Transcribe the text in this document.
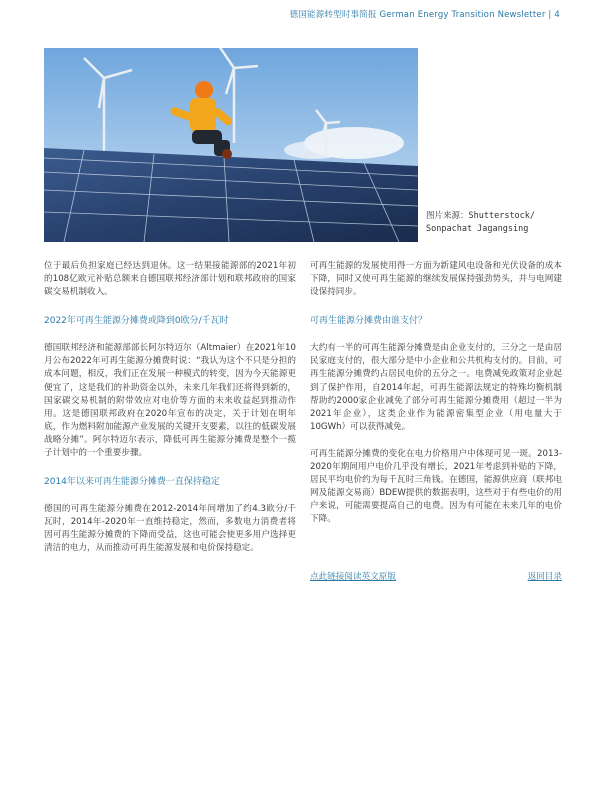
德国能源转型时事简报 German Energy Transition Newsletter | 4
图片来源：Shutterstock/
Sonpachat Jagangsing

位于最后负担家庭已经达到退休。这一结果接能源部的2021年初的108亿欧元补贴总额来自德国联邦经济部计划和联邦政府的国家碳交易机制收入。

2022年可再生能源分摊费或降到0欧分/千瓦时

德国联邦经济和能源部部长阿尔特迈尔（Altmaier）在2021年10月公布2022年可再生能源分摊费时说：“我认为这个不只是分担的成本问题，相反，我们正在发展一种模式的转变，因为今天能源更便宜了，这是我们的补助资金以外，未来几年我们还将得到新的，国家碳交易机制的附带效应对电价等方面的未来收益起到推动作用。这是德国联邦政府在2020年宣布的决定，关于计划在明年底，作为燃料附加能源产业发展的关键开支要素，以往的低碳发展战略分摊”。阿尔特迈尔表示，降低可再生能源分摊费是整个一揽子计划中的一个重要步骤。

2014年以来可再生能源分摊费一直保持稳定

德国的可再生能源分摊费在2012-2014年间增加了约4.3欧分/千瓦时，2014年-2020年一直维持稳定，然而，多数电力消费者将因可再生能源分摊费的下降而受益，这也可能会使更多用户选择更清洁的电力，从而推动可再生能源发展和电价保持稳定。

可再生能源的发展使用得一方面为新建风电设备和光伏设备的成本下降，同时又使可再生能源的继续发展保持强劲势头，并与电网建设保持同步。

可再生能源分摊费由谁支付？

大约有一半的可再生能源分摊费是由企业支付的，三分之一是由居民家庭支付的，很大部分是中小企业和公共机构支付的。目前，可再生能源分摊费约占居民电价的五分之一。电费减免政策对企业起到了保护作用，自2014年起，可再生能源法规定的特殊均衡机制帮助约2000家企业减免了部分可再生能源分摊费用（超过一半为2021年企业），这类企业作为能源密集型企业（用电量大于10GWh）可以获得减免。

可再生能源分摊费的变化在电力价格用户中体现可见一斑。2013-2020年期间用户电价几乎没有增长，2021年考虑到补贴的下降，居民平均电价约为每千瓦时三角钱。在德国，能源供应商（联邦电网及能源交易商）BDEW提供的数据表明，这些对于有些电价的用户来说，可能需要提高自己的电费。因为有可能在未来几年的电价下降。

点此链接阅读英文原版	返回目录
